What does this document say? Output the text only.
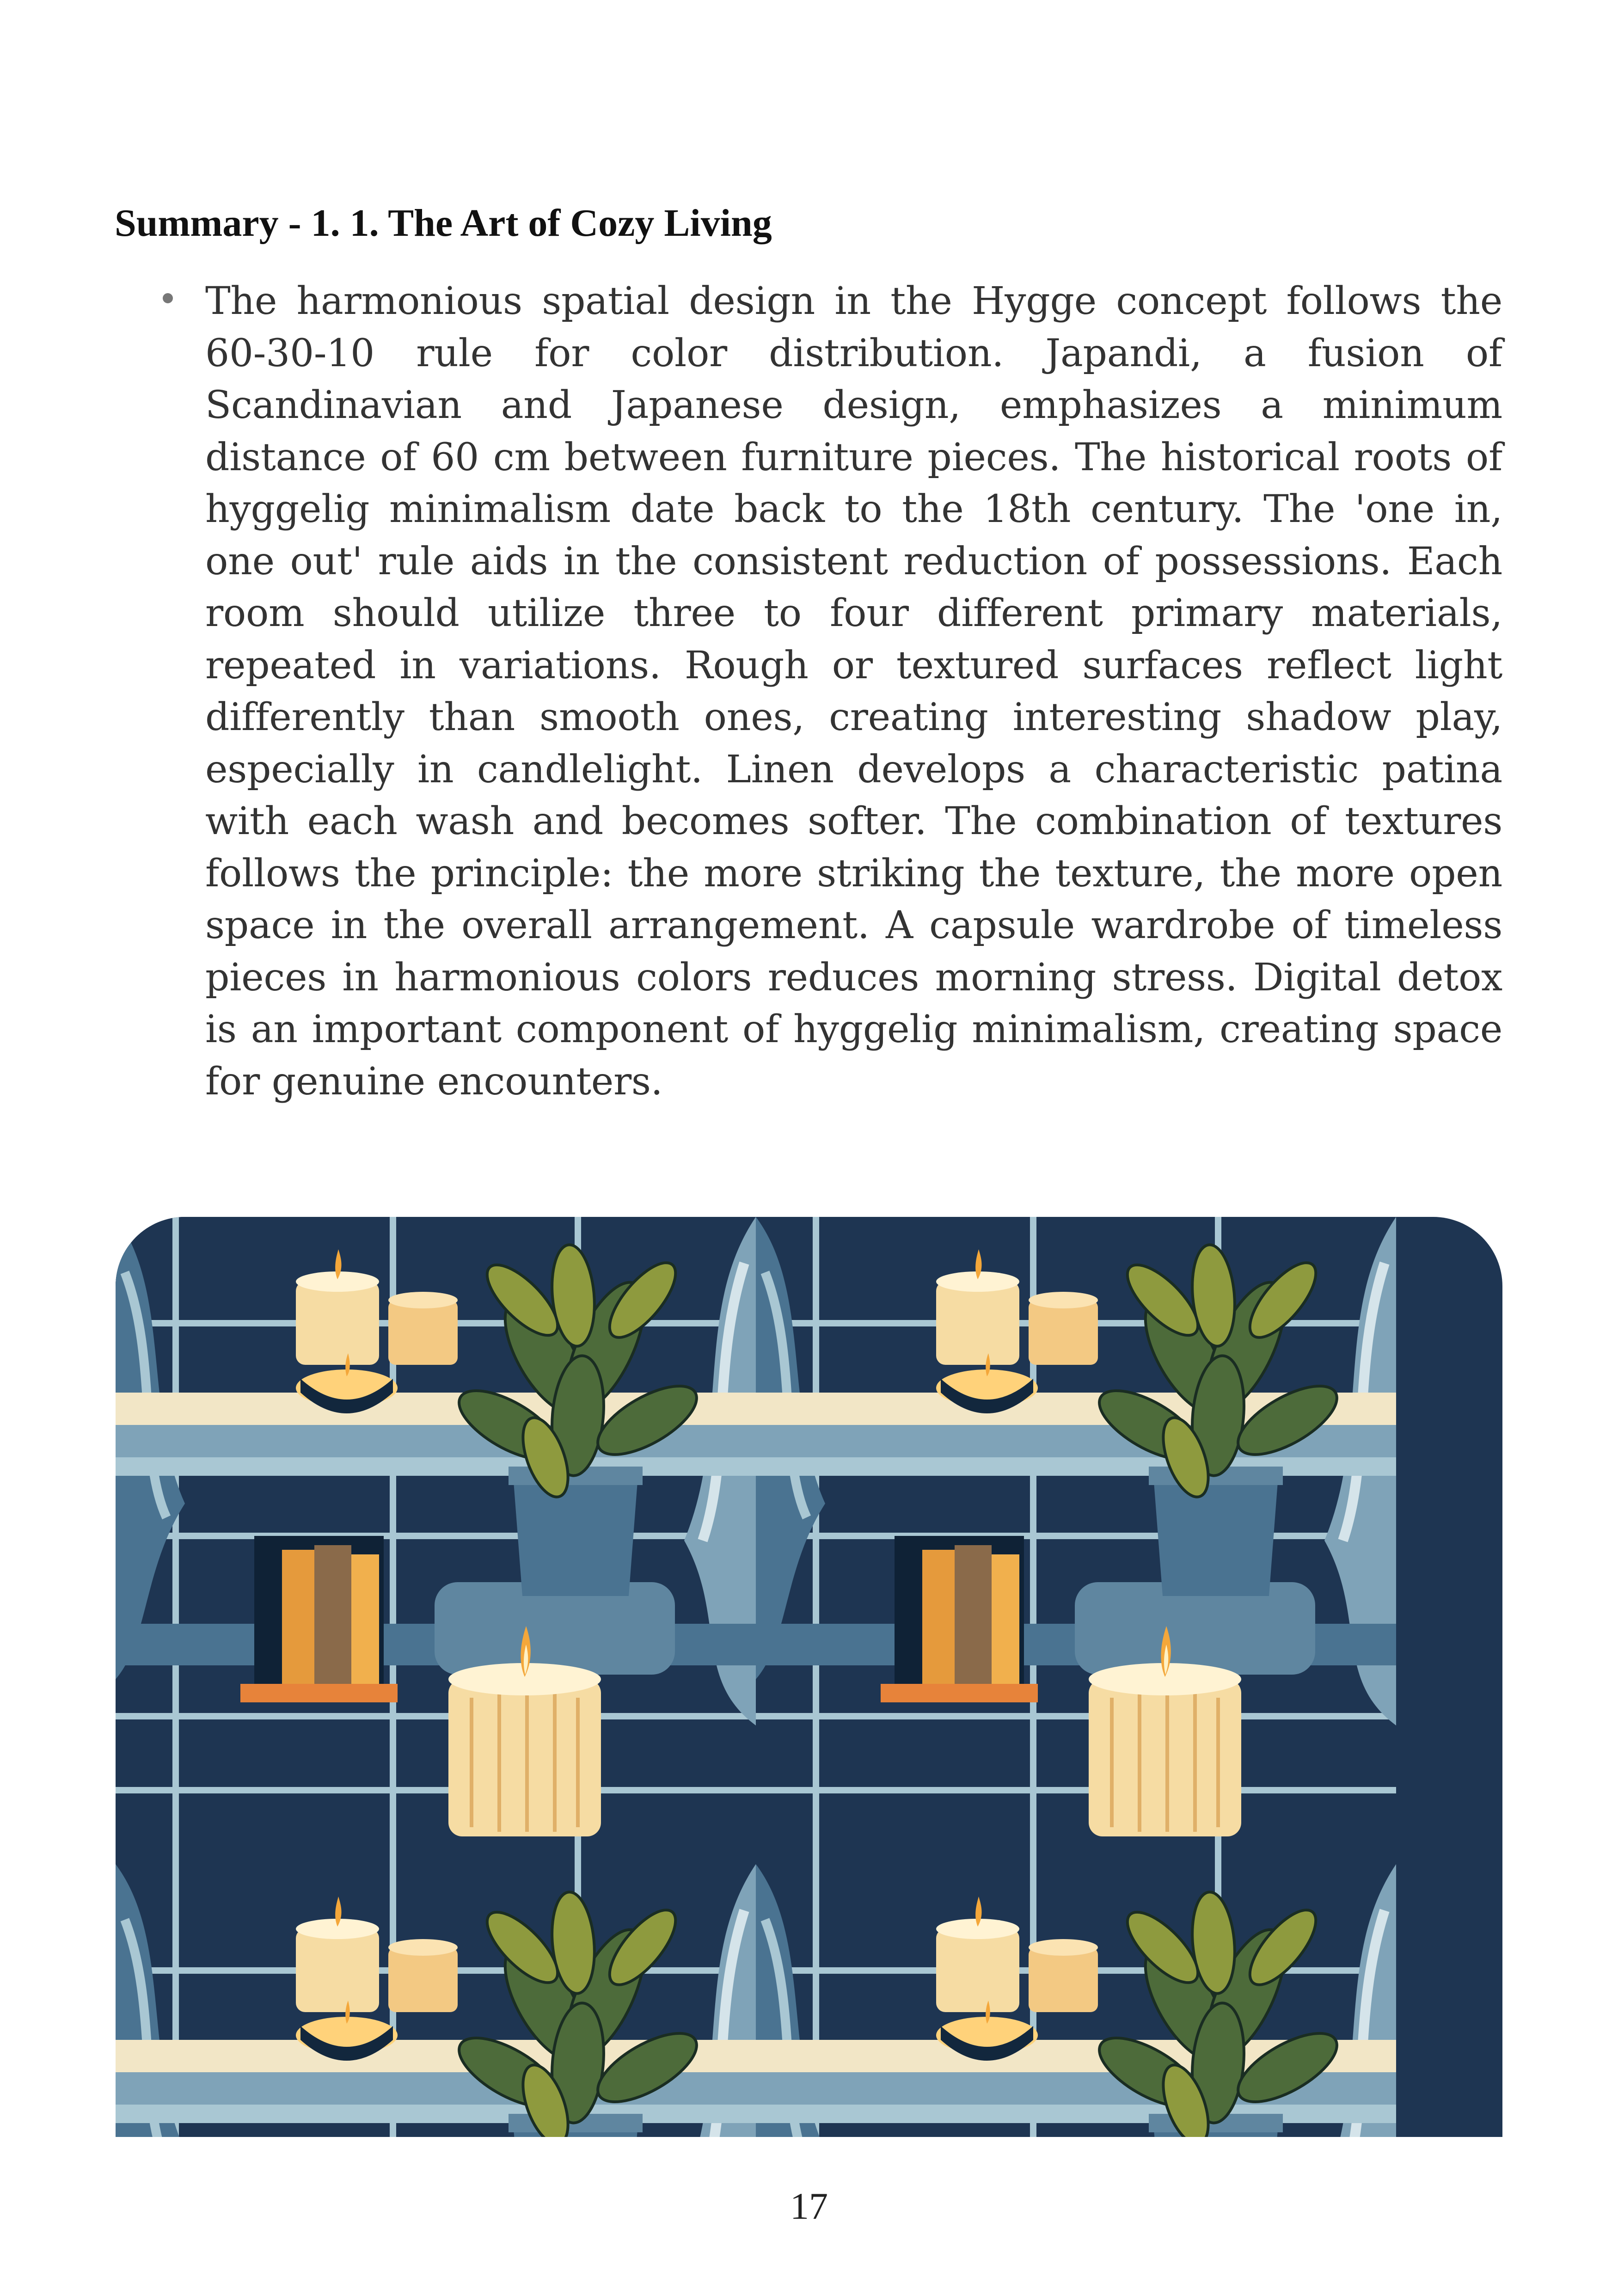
Summary - 1. 1. The Art of Cozy Living
The harmonious spatial design in the Hygge concept follows the 60-30-10 rule for color distribution. Japandi, a fusion of Scandinavian and Japanese design, emphasizes a minimum distance of 60 cm between furniture pieces. The historical roots of hyggelig minimalism date back to the 18th century. The 'one in, one out' rule aids in the consistent reduction of possessions. Each room should utilize three to four different primary materials, repeated in variations. Rough or textured surfaces reflect light differently than smooth ones, creating interesting shadow play, especially in candlelight. Linen develops a characteristic patina with each wash and becomes softer. The combination of textures follows the principle: the more striking the texture, the more open space in the overall arrangement. A capsule wardrobe of timeless pieces in harmonious colors reduces morning stress. Digital detox is an important component of hyggelig minimalism, creating space for genuine encounters.
17
